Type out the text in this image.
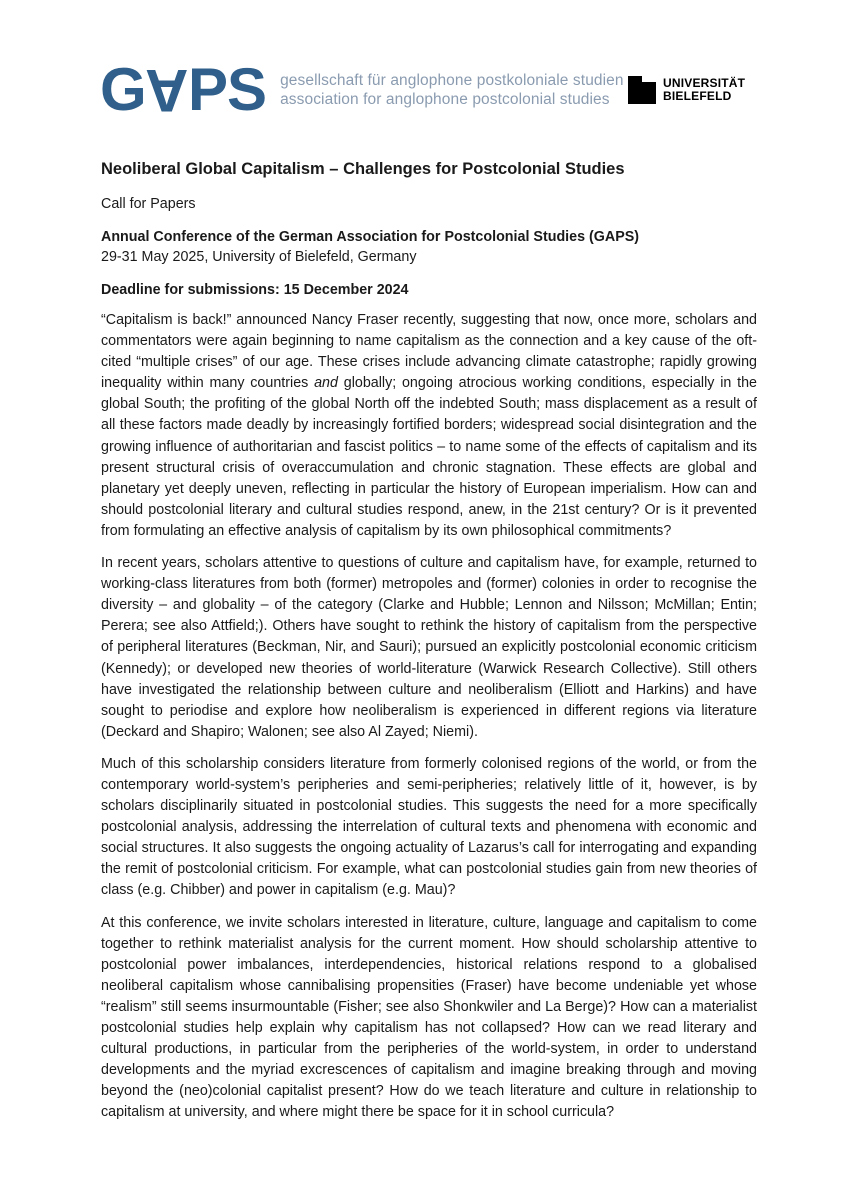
GAPS gesellschaft für anglophone postkoloniale studien
association for anglophone postcolonial studies
UNIVERSITÄT
BIELEFELD
Neoliberal Global Capitalism – Challenges for Postcolonial Studies

Call for Papers

Annual Conference of the German Association for Postcolonial Studies (GAPS)
29-31 May 2025, University of Bielefeld, Germany

Deadline for submissions: 15 December 2024

“Capitalism is back!” announced Nancy Fraser recently, suggesting that now, once more, scholars and commentators were again beginning to name capitalism as the connection and a key cause of the oft-cited “multiple crises” of our age. These crises include advancing climate catastrophe; rapidly growing inequality within many countries and globally; ongoing atrocious working conditions, especially in the global South; the profiting of the global North off the indebted South; mass displacement as a result of all these factors made deadly by increasingly fortified borders; widespread social disintegration and the growing influence of authoritarian and fascist politics – to name some of the effects of capitalism and its present structural crisis of overaccumulation and chronic stagnation. These effects are global and planetary yet deeply uneven, reflecting in particular the history of European imperialism. How can and should postcolonial literary and cultural studies respond, anew, in the 21st century? Or is it prevented from formulating an effective analysis of capitalism by its own philosophical commitments?

In recent years, scholars attentive to questions of culture and capitalism have, for example, returned to working-class literatures from both (former) metropoles and (former) colonies in order to recognise the diversity – and globality – of the category (Clarke and Hubble; Lennon and Nilsson; McMillan; Entin; Perera; see also Attfield;). Others have sought to rethink the history of capitalism from the perspective of peripheral literatures (Beckman, Nir, and Sauri); pursued an explicitly postcolonial economic criticism (Kennedy); or developed new theories of world-literature (Warwick Research Collective). Still others have investigated the relationship between culture and neoliberalism (Elliott and Harkins) and have sought to periodise and explore how neoliberalism is experienced in different regions via literature (Deckard and Shapiro; Walonen; see also Al Zayed; Niemi).

Much of this scholarship considers literature from formerly colonised regions of the world, or from the contemporary world-system’s peripheries and semi-peripheries; relatively little of it, however, is by scholars disciplinarily situated in postcolonial studies. This suggests the need for a more specifically postcolonial analysis, addressing the interrelation of cultural texts and phenomena with economic and social structures. It also suggests the ongoing actuality of Lazarus’s call for interrogating and expanding the remit of postcolonial criticism. For example, what can postcolonial studies gain from new theories of class (e.g. Chibber) and power in capitalism (e.g. Mau)?

At this conference, we invite scholars interested in literature, culture, language and capitalism to come together to rethink materialist analysis for the current moment. How should scholarship attentive to postcolonial power imbalances, interdependencies, historical relations respond to a globalised neoliberal capitalism whose cannibalising propensities (Fraser) have become undeniable yet whose “realism” still seems insurmountable (Fisher; see also Shonkwiler and La Berge)? How can a materialist postcolonial studies help explain why capitalism has not collapsed? How can we read literary and cultural productions, in particular from the peripheries of the world-system, in order to understand developments and the myriad excrescences of capitalism and imagine breaking through and moving beyond the (neo)colonial capitalist present? How do we teach literature and culture in relationship to capitalism at university, and where might there be space for it in school curricula?
